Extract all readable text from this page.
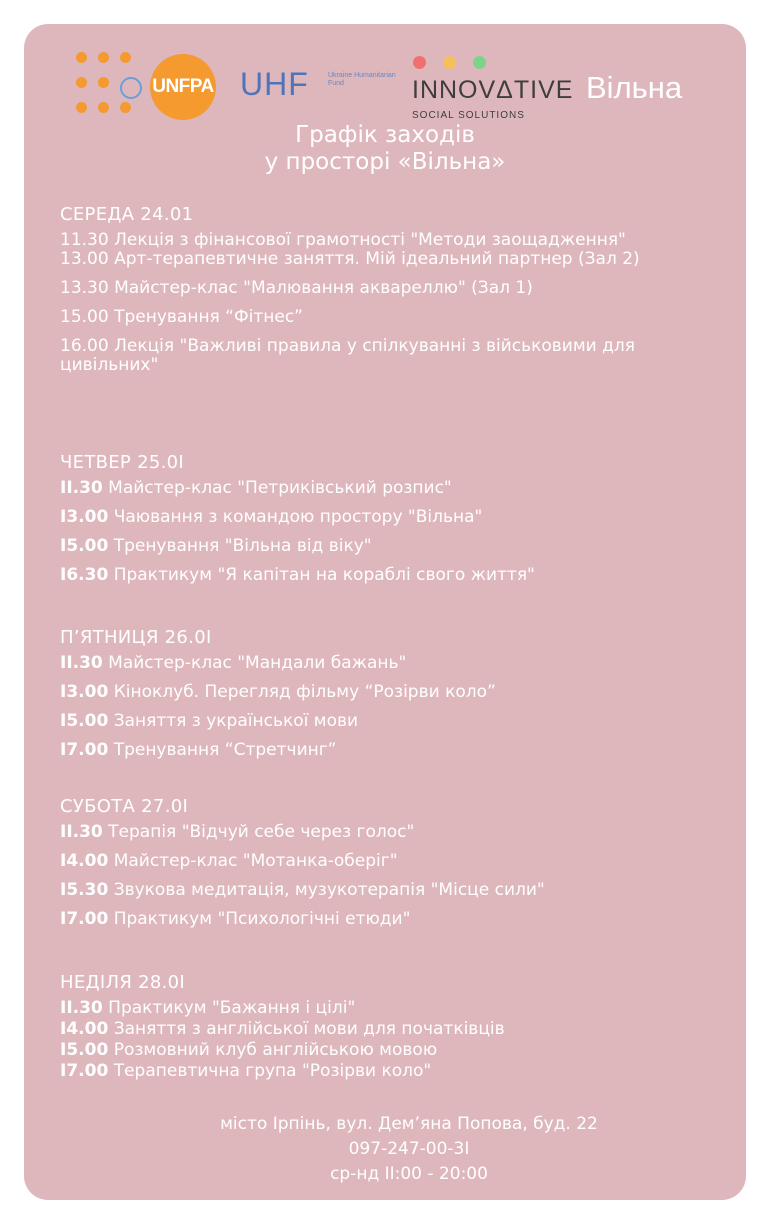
UNFPA UHF	Ukraine Humanitarian Fund	INNOVΔTIVE
SOCIAL SOLUTIONS
Вільна
Графік заходів
у просторі «Вільна»
СЕРЕДА 24.01
11.30 Лекція з фінансової грамотності "Методи заощадження"
13.00 Арт-терапевтичне заняття. Мій ідеальний партнер (Зал 2)
13.30 Майстер-клас "Малювання аквареллю" (Зал 1)
15.00 Тренування “Фітнес”
16.00 Лекція "Важливі правила у спілкуванні з військовими для цивільних"
ЧЕТВЕР 25.0І
ІІ.30 Майстер-клас "Петриківський розпис"
І3.00 Чаювання з командою простору "Вільна"
І5.00 Тренування "Вільна від віку"
І6.30 Практикум "Я капітан на кораблі свого життя"
П’ЯТНИЦЯ 26.0І
ІІ.30 Майстер-клас "Мандали бажань"
І3.00 Кіноклуб. Перегляд фільму “Розірви коло”
І5.00 Заняття з української мови
І7.00 Тренування “Стретчинг”
СУБОТА 27.0І
ІІ.30 Терапія "Відчуй себе через голос"
І4.00 Майстер-клас "Мотанка-оберіг"
І5.30 Звукова медитація, музукотерапія "Місце сили"
І7.00 Практикум "Психологічні етюди"
НЕДІЛЯ 28.0І
ІІ.30 Практикум "Бажання і цілі"
І4.00 Заняття з англійської мови для початківців
І5.00 Розмовний клуб англійською мовою
І7.00 Терапевтична група "Розірви коло"
місто Ірпінь, вул. Дем’яна Попова, буд. 22
097-247-00-3І
ср-нд ІІ:00 - 20:00
